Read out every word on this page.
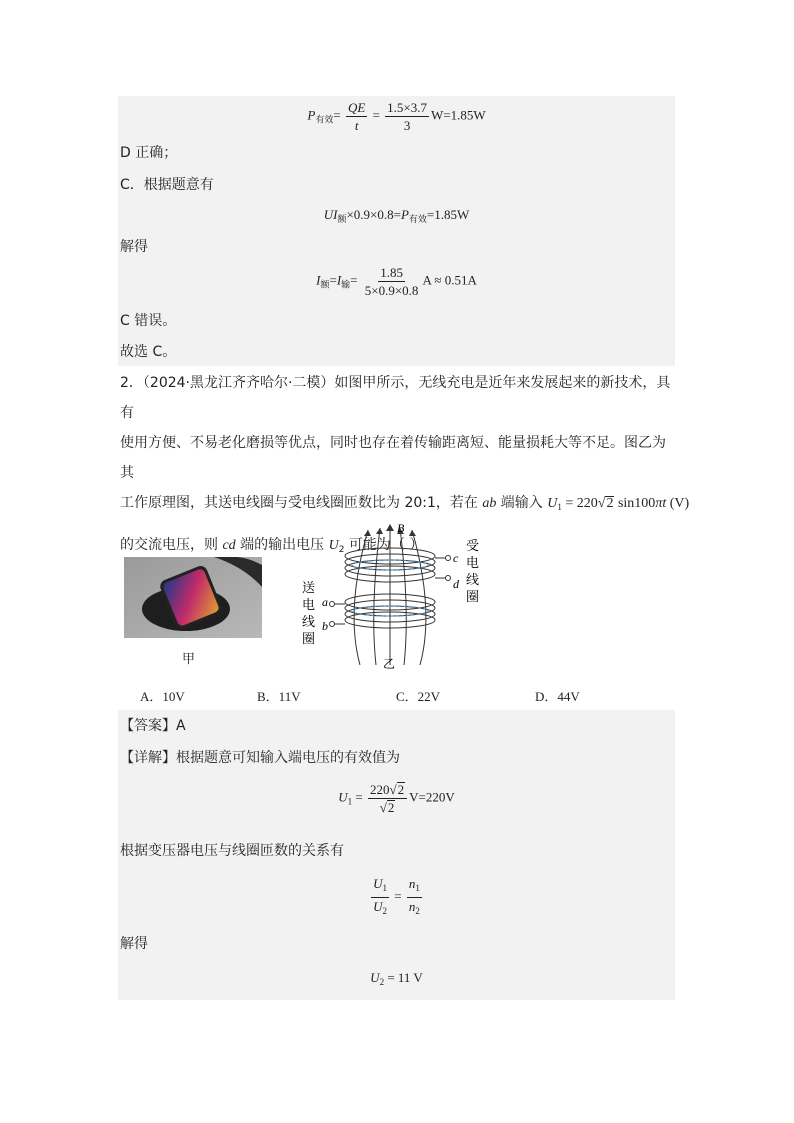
$P_{有效}= \frac{QE}{t} = \frac{1.5\times 3.7}{3} W=1.85W$
D 正确；
C．根据题意有
$UI_额\times 0.9\times 0.8=P_{有效}=1.85W$
解得
$I_额=I_输= \frac{1.85}{5\times 0.9\times 0.8}$ A ≈ 0.51A
C 错误。
故选 C。
2．（2024·黑龙江齐齐哈尔·二模）如图甲所示，无线充电是近年来发展起来的新技术，具有
使用方便、不易老化磨损等优点，同时也存在着传输距离短、能量损耗大等不足。图乙为其
工作原理图，其送电线圈与受电线圈匝数比为 20:1，若在 ab 端输入 $U_1 = 220√2$ sin100πt (V)
的交流电压，则 cd 端的输出电压 $U_2$ 可能为（ ）
甲
B
c
d
a
b
受
电
线
圈
送
电
线
圈
乙
A．10V	B．11V	C．22V	D．44V
【答案】A
【详解】根据题意可知输入端电压的有效值为
$U_1 = \frac{220√2}{√2} V=220V$
根据变压器电压与线圈匝数的关系有
$\frac{U_1}{U_2} = \frac{n_1}{n_2}$
解得
$U_2 = 11$ V
